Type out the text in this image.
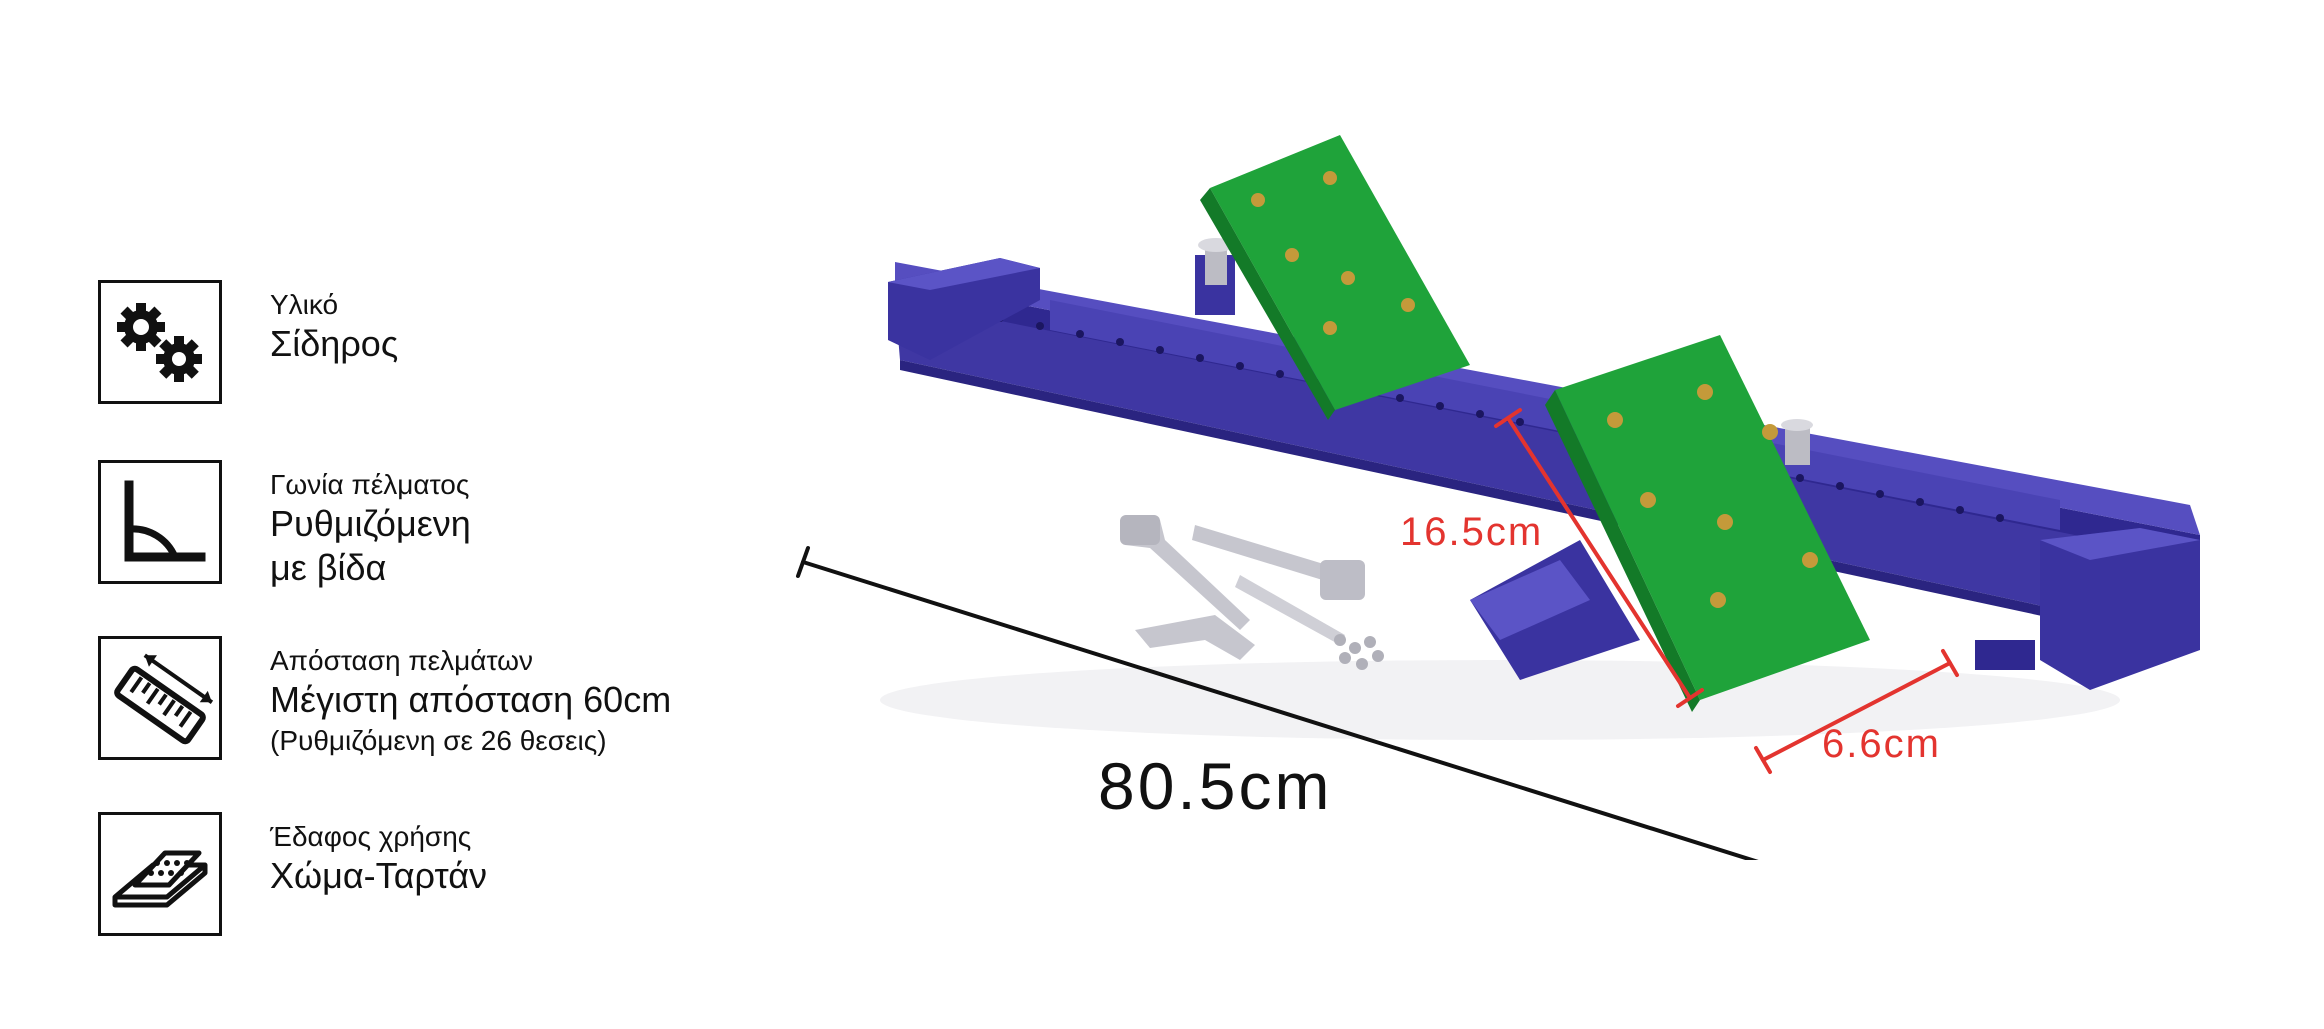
Υλικό
Σίδηρος
Γωνία πέλματος
Ρυθμιζόμενη
με βίδα
Απόσταση πελμάτων
Μέγιστη απόσταση 60cm
(Ρυθμιζόμενη σε 26 θεσεις)
Έδαφος χρήσης
Χώμα-Ταρτάν
16.5cm
6.6cm
80.5cm
